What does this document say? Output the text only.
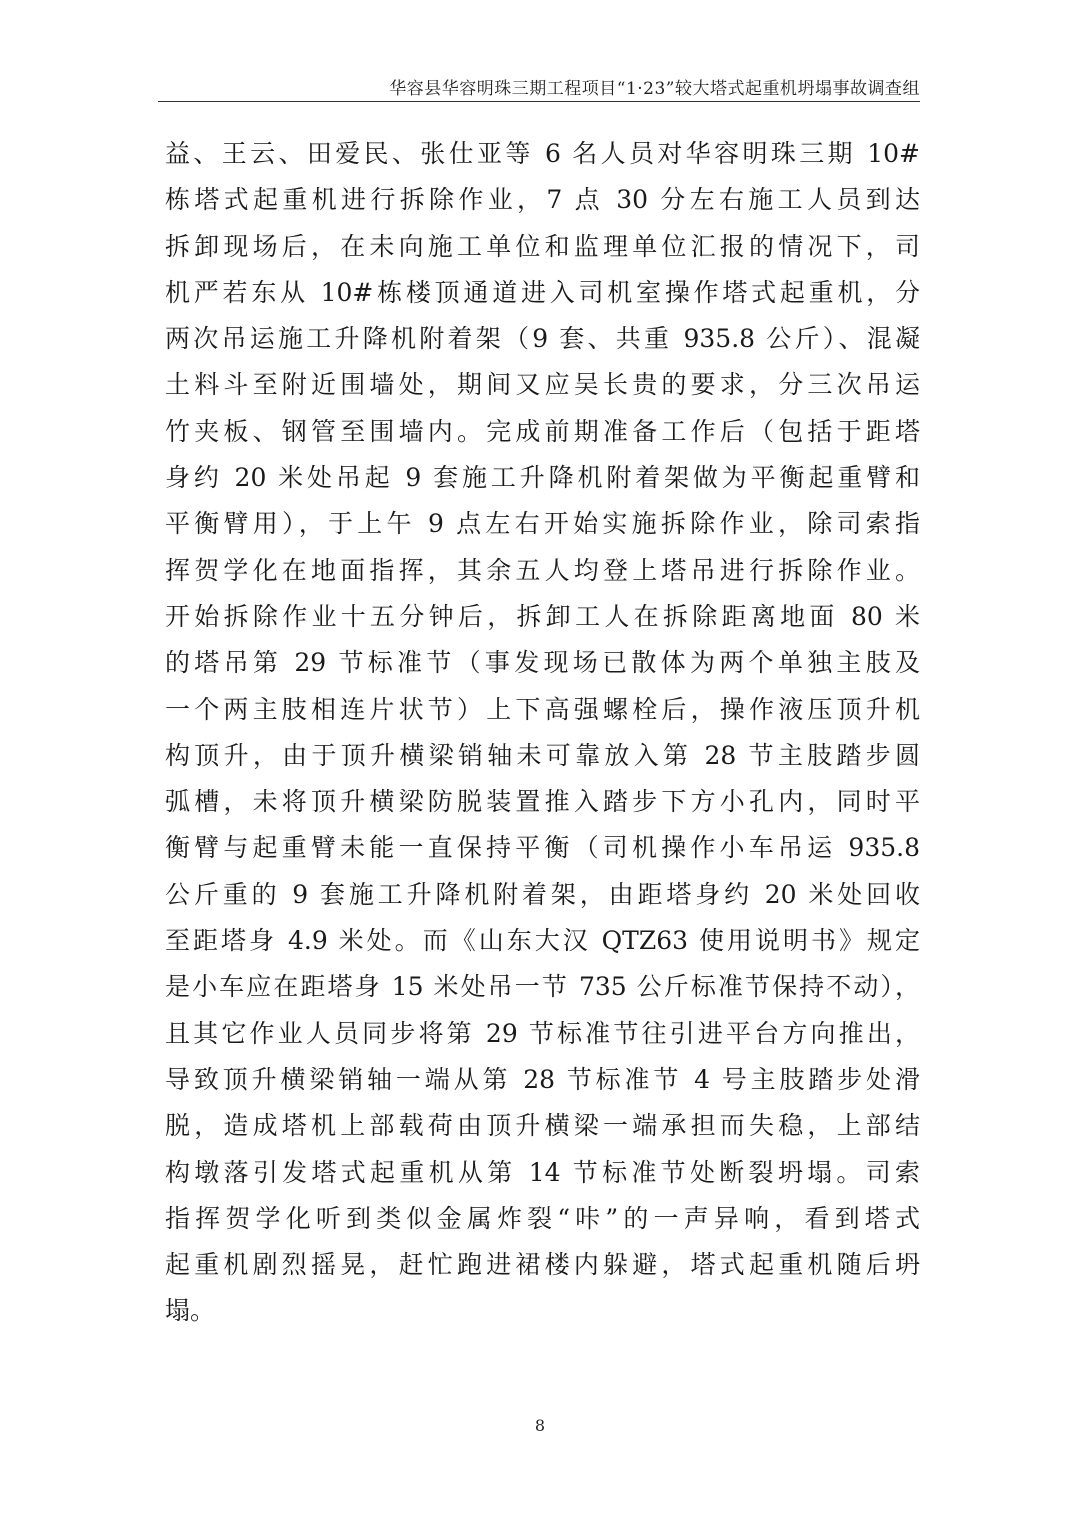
华容县华容明珠三期工程项目“1·23”较大塔式起重机坍塌事故调查组
益、王云、田爱民、张仕亚等 6 名人员对华容明珠三期 10#
栋塔式起重机进行拆除作业，7 点 30 分左右施工人员到达
拆卸现场后，在未向施工单位和监理单位汇报的情况下，司
机严若东从 10#栋楼顶通道进入司机室操作塔式起重机，分
两次吊运施工升降机附着架（9 套、共重 935.8 公斤）、混凝
土料斗至附近围墙处，期间又应吴长贵的要求，分三次吊运
竹夹板、钢管至围墙内。完成前期准备工作后（包括于距塔
身约 20 米处吊起 9 套施工升降机附着架做为平衡起重臂和
平衡臂用），于上午 9 点左右开始实施拆除作业，除司索指
挥贺学化在地面指挥，其余五人均登上塔吊进行拆除作业。
开始拆除作业十五分钟后，拆卸工人在拆除距离地面 80 米
的塔吊第 29 节标准节（事发现场已散体为两个单独主肢及
一个两主肢相连片状节）上下高强螺栓后，操作液压顶升机
构顶升，由于顶升横梁销轴未可靠放入第 28 节主肢踏步圆
弧槽，未将顶升横梁防脱装置推入踏步下方小孔内，同时平
衡臂与起重臂未能一直保持平衡（司机操作小车吊运 935.8
公斤重的 9 套施工升降机附着架，由距塔身约 20 米处回收
至距塔身 4.9 米处。而《山东大汉 QTZ63 使用说明书》规定
是小车应在距塔身 15 米处吊一节 735 公斤标准节保持不动），
且其它作业人员同步将第 29 节标准节往引进平台方向推出，
导致顶升横梁销轴一端从第 28 节标准节 4 号主肢踏步处滑
脱，造成塔机上部载荷由顶升横梁一端承担而失稳，上部结
构墩落引发塔式起重机从第 14 节标准节处断裂坍塌。司索
指挥贺学化听到类似金属炸裂“咔”的一声异响，看到塔式
起重机剧烈摇晃，赶忙跑进裙楼内躲避，塔式起重机随后坍
塌。
8
